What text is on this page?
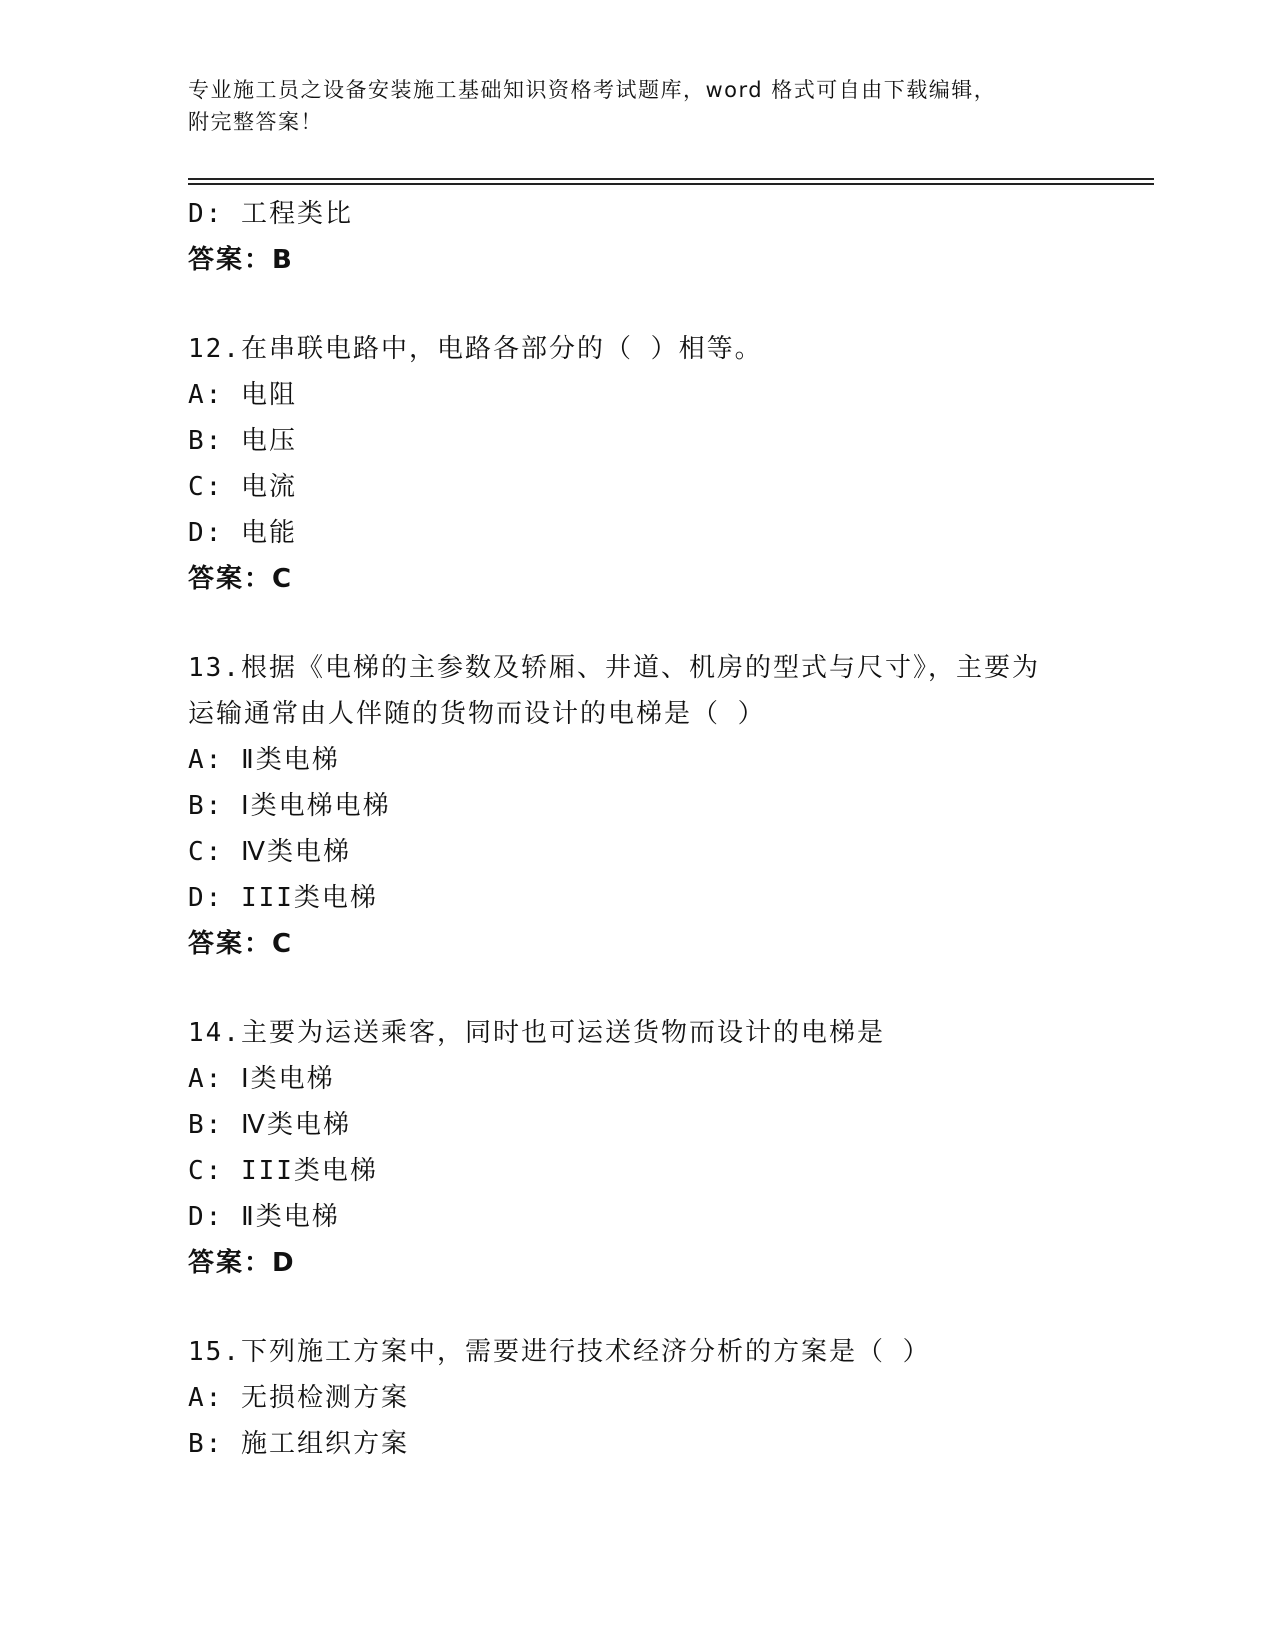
专业施工员之设备安装施工基础知识资格考试题库，word 格式可自由下载编辑，
附完整答案！
D: 工程类比
答案：B
12.在串联电路中，电路各部分的（ ）相等。
A: 电阻
B: 电压
C: 电流
D: 电能
答案：C
13.根据《电梯的主参数及轿厢、井道、机房的型式与尺寸》，主要为
运输通常由人伴随的货物而设计的电梯是（ ）
A: Ⅱ类电梯
B: Ⅰ类电梯电梯
C: Ⅳ类电梯
D: III类电梯
答案：C
14.主要为运送乘客，同时也可运送货物而设计的电梯是
A: Ⅰ类电梯
B: Ⅳ类电梯
C: III类电梯
D: Ⅱ类电梯
答案：D
15.下列施工方案中，需要进行技术经济分析的方案是（ ）
A: 无损检测方案
B: 施工组织方案
